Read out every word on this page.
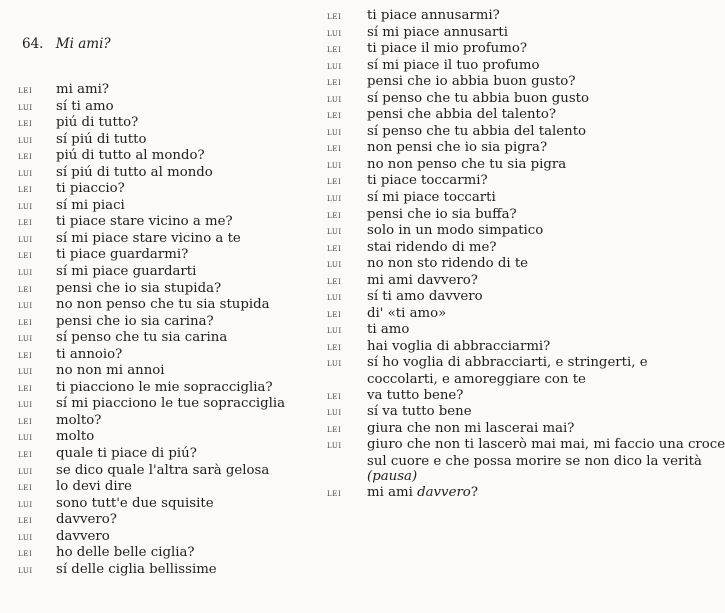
64. Mi ami?
lei	mi ami?
lui	sí ti amo
lei	piú di tutto?
lui	sí piú di tutto
lei	piú di tutto al mondo?
lui	sí piú di tutto al mondo
lei	ti piaccio?
lui	sí mi piaci
lei	ti piace stare vicino a me?
lui	sí mi piace stare vicino a te
lei	ti piace guardarmi?
lui	sí mi piace guardarti
lei	pensi che io sia stupida?
lui	no non penso che tu sia stupida
lei	pensi che io sia carina?
lui	sí penso che tu sia carina
lei	ti annoio?
lui	no non mi annoi
lei	ti piacciono le mie sopracciglia?
lui	sí mi piacciono le tue sopracciglia
lei	molto?
lui	molto
lei	quale ti piace di piú?
lui	se dico quale l'altra sarà gelosa
lei	lo devi dire
lui	sono tutt'e due squisite
lei	davvero?
lui	davvero
lei	ho delle belle ciglia?
lui	sí delle ciglia bellissime
lei	ti piace annusarmi?
lui	sí mi piace annusarti
lei	ti piace il mio profumo?
lui	sí mi piace il tuo profumo
lei	pensi che io abbia buon gusto?
lui	sí penso che tu abbia buon gusto
lei	pensi che abbia del talento?
lui	sí penso che tu abbia del talento
lei	non pensi che io sia pigra?
lui	no non penso che tu sia pigra
lei	ti piace toccarmi?
lui	sí mi piace toccarti
lei	pensi che io sia buffa?
lui	solo in un modo simpatico
lei	stai ridendo di me?
lui	no non sto ridendo di te
lei	mi ami davvero?
lui	sí ti amo davvero
lei	di' «ti amo»
lui	ti amo
lei	hai voglia di abbracciarmi?
lui	sí ho voglia di abbracciarti, e stringerti, e
coccolarti, e amoreggiare con te
lei	va tutto bene?
lui	sí va tutto bene
lei	giura che non mi lascerai mai?
lui	giuro che non ti lascerò mai mai, mi faccio una croce
sul cuore e che possa morire se non dico la verità
(pausa)
lei	mi ami davvero?
